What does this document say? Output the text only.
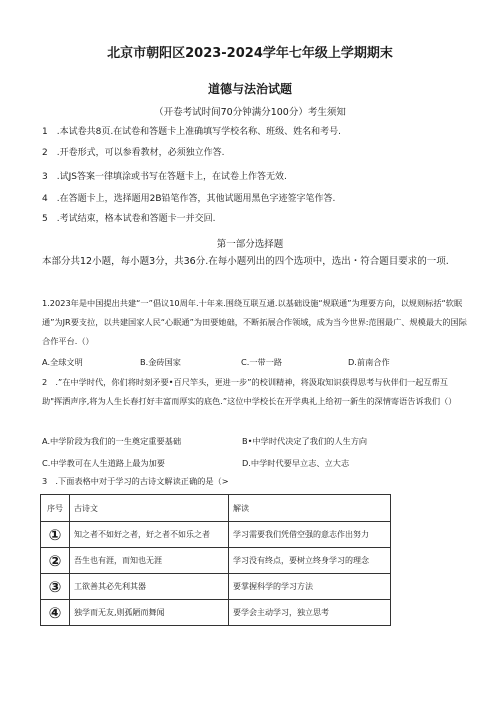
北京市朝阳区2023-2024学年七年级上学期期末
道德与法治试题
（开卷考试时间70分钟满分100分）考生须知
1　.本试卷共8页.在试卷和答题卡上准确填写学校名称、班级、姓名和考号.
2　.开卷形式，可以参看教材，必须独立作答.
3　.试JS答案一律填涂或书写在答题卡上，在试卷上作答无效.
4　.在答题卡上，选择题用2B铅笔作答，其他试题用黑色字迹签字笔作答.
5　.考试结束，格本试卷和答题卡一并交回.
第一部分选择题
本部分共12小题，每小题3分，共36分.在每小题列出的四个选项中，选出・符合题目要求的一项.
1.2023年是中国提出共建“一”倡议10周年.十年来.围绕互联互通.以基础设施“规联通”为理要方向，以规则标括“软眠通”为JR要支拉，以共建国家人民“心眠通”为田要她础，不断拓展合作领域，成为当今世界:范围最广、规模最大的国际合作平台.（）
A.全球文明	B.金砖国家	C.一带一路	D.前南合作
2　.”在中学时代，你们将时刻矛要•百尺竿头，更进一步”的校训精神，将汲取知识获得思考与伙伴们一起互帮互助"挥洒声序,将为人生长春打好丰富而厚实的底色.”这位中学校长在开学典礼上给初一新生的深情寄语告诉我们（）
A.中学阶段为我们的一生奠定重要基础	B•中学时代决定了我们的人生方向
C.中学教可在人生道路上最为加要	D.中学时代要早立志、立大志
3　.下面表格中对于学习的古诗文解读正确的是（>
序号	古诗文	解读
①	知之者不如好之者，好之者不如乐之者	学习需要我们凭借空强的意志作出努力
②	吾生也有涯，而知也无涯	学习没有终点，要树立终身学习的理念
③	工欲善其必先利其器	要掌握科学的学习方法
④	独学而无友,则孤陋而舞闻	要学会主动学习，独立思考
